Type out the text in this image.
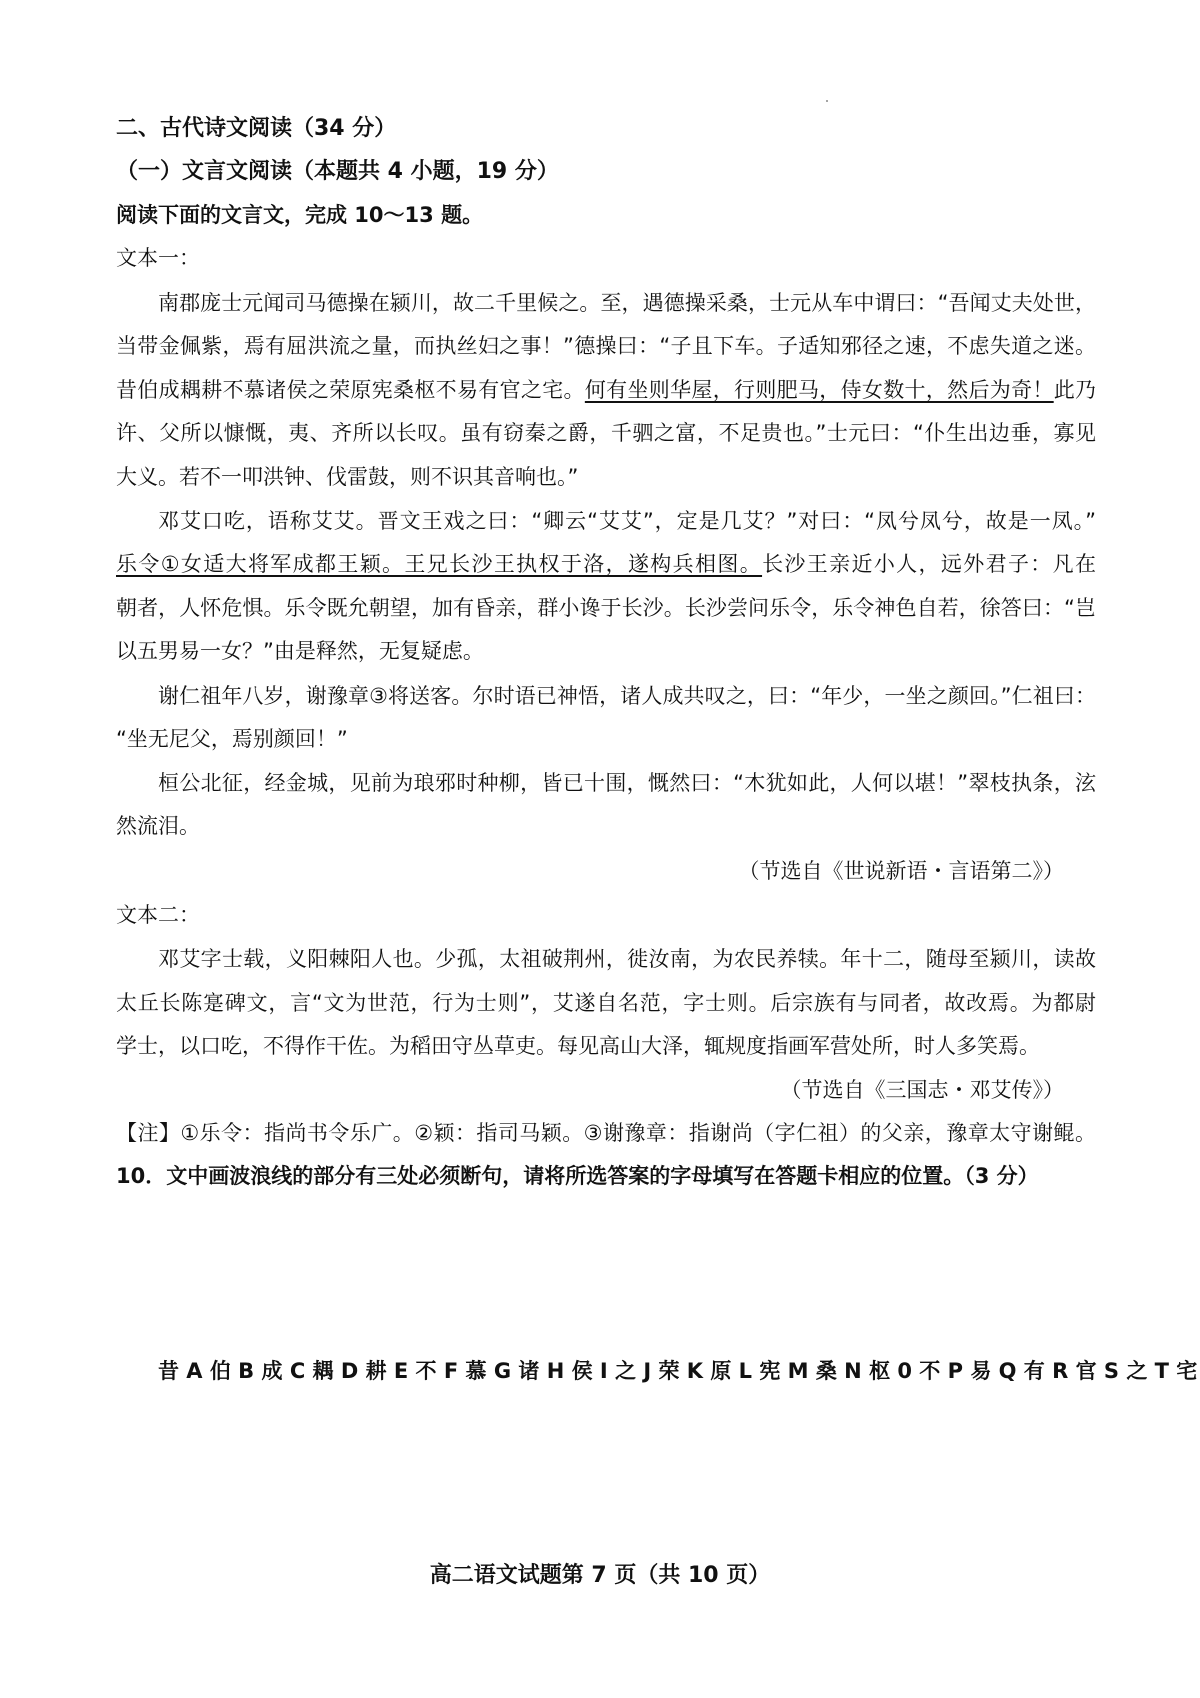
二、古代诗文阅读（34 分）
（一）文言文阅读（本题共 4 小题，19 分）
阅读下面的文言文，完成 10～13 题。
文本一：
南郡庞士元闻司马德操在颍川，故二千里候之。至，遇德操采桑，士元从车中谓曰：“吾闻丈夫处世，
当带金佩紫，焉有屈洪流之量，而执丝妇之事！”德操曰：“子且下车。子适知邪径之速，不虑失道之迷。
昔伯成耦耕不慕诸侯之荣原宪桑枢不易有官之宅。何有坐则华屋，行则肥马，侍女数十，然后为奇！此乃
许、父所以慷慨，夷、齐所以长叹。虽有窃秦之爵，千驷之富，不足贵也。”士元曰：“仆生出边垂，寡见
大义。若不一叩洪钟、伐雷鼓，则不识其音响也。”
邓艾口吃，语称艾艾。晋文王戏之曰：“卿云“艾艾”，定是几艾？”对曰：“凤兮凤兮，故是一凤。”
乐令①女适大将军成都王颖。王兄长沙王执权于洛，遂构兵相图。长沙王亲近小人，远外君子：凡在
朝者，人怀危惧。乐令既允朝望，加有昏亲，群小谗于长沙。长沙尝问乐令，乐令神色自若，徐答曰：“岂
以五男易一女？”由是释然，无复疑虑。
谢仁祖年八岁，谢豫章③将送客。尔时语已神悟，诸人成共叹之，曰：“年少，一坐之颜回。”仁祖曰：
“坐无尼父，焉别颜回！”
桓公北征，经金城，见前为琅邪时种柳，皆已十围，慨然曰：“木犹如此，人何以堪！”翠枝执条，泫
然流泪。
（节选自《世说新语・言语第二》）
文本二：
邓艾字士载，义阳棘阳人也。少孤，太祖破荆州，徙汝南，为农民养犊。年十二，随母至颍川，读故
太丘长陈寔碑文，言“文为世范，行为士则”，艾遂自名范，字士则。后宗族有与同者，故改焉。为都尉
学士，以口吃，不得作干佐。为稻田守丛草吏。每见高山大泽，辄规度指画军营处所，时人多笑焉。
（节选自《三国志・邓艾传》）
【注】①乐令：指尚书令乐广。②颖：指司马颖。③谢豫章：指谢尚（字仁祖）的父亲，豫章太守谢鲲。
10．文中画波浪线的部分有三处必须断句，请将所选答案的字母填写在答题卡相应的位置。（3 分）
昔 A 伯 B 成 C 耦 D 耕 E 不 F 慕 G 诸 H 侯 I 之 J 荣 K 原 L 宪 M 桑 N 枢 0 不 P 易 Q 有 R 官 S 之 T 宅
高二语文试题第 7 页（共 10 页）
